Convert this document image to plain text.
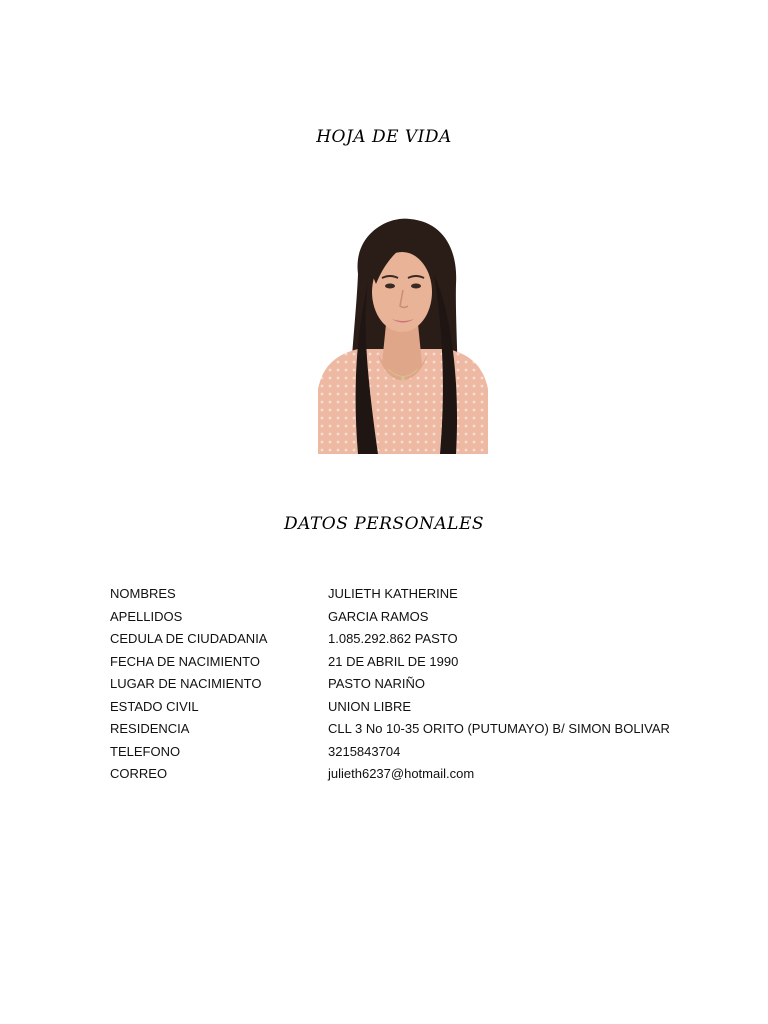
HOJA DE VIDA
DATOS PERSONALES
NOMBRES	JULIETH KATHERINE
APELLIDOS	GARCIA RAMOS
CEDULA DE CIUDADANIA	1.085.292.862 PASTO
FECHA DE NACIMIENTO	21 DE ABRIL DE 1990
LUGAR DE NACIMIENTO	PASTO NARIÑO
ESTADO CIVIL	UNION LIBRE
RESIDENCIA	CLL 3 No 10-35 ORITO (PUTUMAYO) B/ SIMON BOLIVAR
TELEFONO	3215843704
CORREO	julieth6237@hotmail.com
